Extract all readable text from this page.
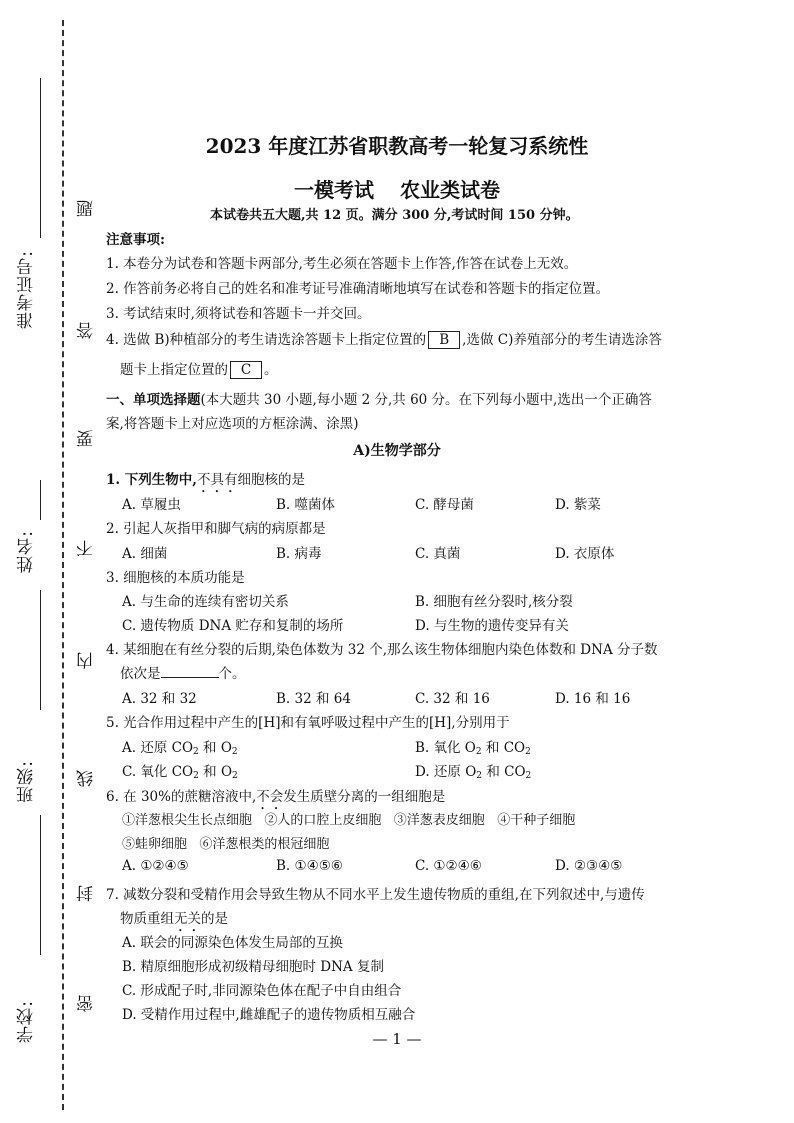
准考证号:
姓名:
班级:
学校:
题
答
要
不
内
线
封
密
2023 年度江苏省职教高考一轮复习系统性
一模考试 农业类试卷
本试卷共五大题,共 12 页。满分 300 分,考试时间 150 分钟。
注意事项:
1. 本卷分为试卷和答题卡两部分,考生必须在答题卡上作答,作答在试卷上无效。
2. 作答前务必将自己的姓名和准考证号准确清晰地填写在试卷和答题卡的指定位置。
3. 考试结束时,须将试卷和答题卡一并交回。
4. 选做 B)种植部分的考生请选涂答题卡上指定位置的 B ,选做 C)养殖部分的考生请选涂答
题卡上指定位置的 C 。
一、单项选择题(本大题共 30 小题,每小题 2 分,共 60 分。在下列每小题中,选出一个正确答
案,将答题卡上对应选项的方框涂满、涂黑)
A)生物学部分
1. 下列生物中,不具有细胞核的是
A. 草履虫	B. 噬菌体	C. 酵母菌	D. 紫菜
2. 引起人灰指甲和脚气病的病原都是
A. 细菌	B. 病毒	C. 真菌	D. 衣原体
3. 细胞核的本质功能是
A. 与生命的连续有密切关系	B. 细胞有丝分裂时,核分裂
C. 遗传物质 DNA 贮存和复制的场所	D. 与生物的遗传变异有关
4. 某细胞在有丝分裂的后期,染色体数为 32 个,那么该生物体细胞内染色体数和 DNA 分子数
依次是	个。
A. 32 和 32	B. 32 和 64	C. 32 和 16	D. 16 和 16
5. 光合作用过程中产生的[H]和有氧呼吸过程中产生的[H],分别用于
A. 还原 $CO_2$ 和 $O_2$	B. 氧化 $O_2$ 和 $CO_2$
C. 氧化 $CO_2$ 和 $O_2$	D. 还原 $O_2$ 和 $CO_2$
6. 在 30%的蔗糖溶液中,不会发生质壁分离的一组细胞是
①洋葱根尖生长点细胞   ②人的口腔上皮细胞   ③洋葱表皮细胞   ④干种子细胞
⑤蛙卵细胞   ⑥洋葱根类的根冠细胞
A. ①②④⑤	B. ①④⑤⑥	C. ①②④⑥	D. ②③④⑤
7. 减数分裂和受精作用会导致生物从不同水平上发生遗传物质的重组,在下列叙述中,与遗传
物质重组无关的是
A. 联会的同源染色体发生局部的互换
B. 精原细胞形成初级精母细胞时 DNA 复制
C. 形成配子时,非同源染色体在配子中自由组合
D. 受精作用过程中,雌雄配子的遗传物质相互融合
— 1 —
